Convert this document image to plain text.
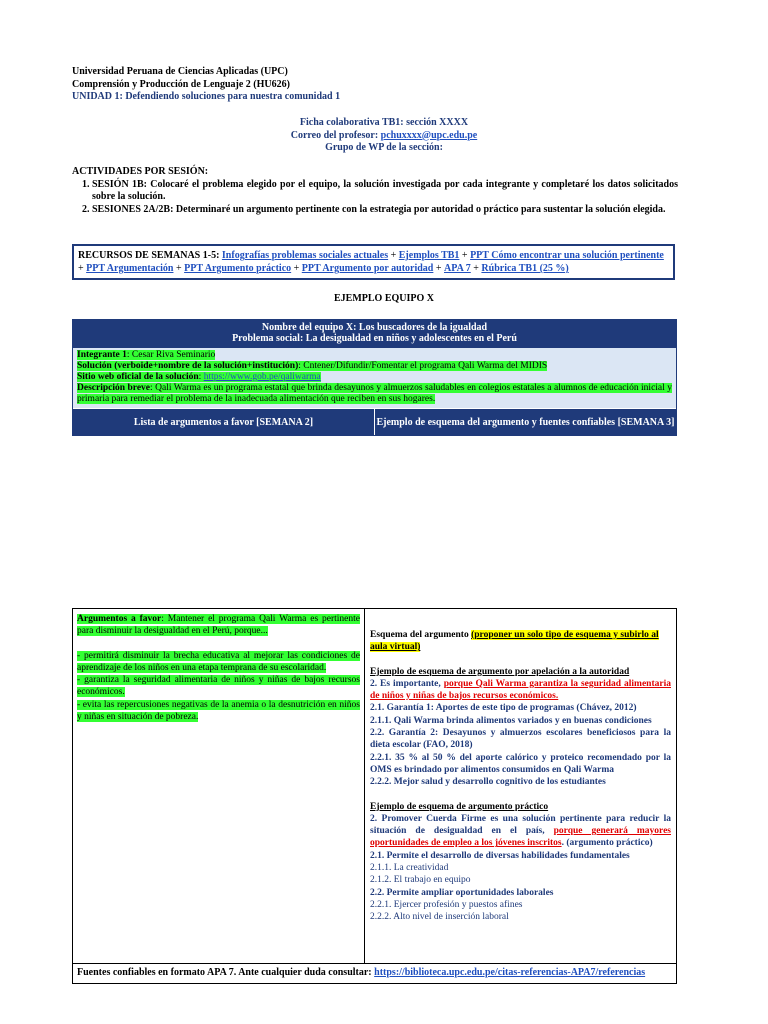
Universidad Peruana de Ciencias Aplicadas (UPC)
Comprensión y Producción de Lenguaje 2 (HU626)
UNIDAD 1: Defendiendo soluciones para nuestra comunidad 1
Ficha colaborativa TB1: sección XXXX
Correo del profesor: pchuxxxx@upc.edu.pe
Grupo de WP de la sección:
ACTIVIDADES POR SESIÓN:
1. SESIÓN 1B: Colocaré el problema elegido por el equipo, la solución investigada por cada integrante y completaré los datos solicitados sobre la solución.
2. SESIONES 2A/2B: Determinaré un argumento pertinente con la estrategia por autoridad o práctico para sustentar la solución elegida.
RECURSOS DE SEMANAS 1-5: Infografías problemas sociales actuales + Ejemplos TB1 + PPT Cómo encontrar una solución pertinente + PPT Argumentación + PPT Argumento práctico + PPT Argumento por autoridad + APA 7 + Rúbrica TB1 (25 %)
EJEMPLO EQUIPO X
Nombre del equipo X: Los buscadores de la igualdad
Problema social: La desigualdad en niños y adolescentes en el Perú

Integrante 1: Cesar Riva Seminario

Solución (verboide+nombre de la solución+institución): Cntener/Difundir/Fomentar el programa Qali Warma del MIDIS

Sitio web oficial de la solución: https://www.gob.pe/qaliwarma

Descripción breve: Qali Warma es un programa estatal que brinda desayunos y almuerzos saludables en colegios estatales a alumnos de educación inicial y primaria para remediar el problema de la inadecuada alimentación que reciben en sus hogares.

Lista de argumentos a favor [SEMANA 2]	Ejemplo de esquema del argumento y fuentes confiables [SEMANA 3]

Argumentos a favor: Mantener el programa Qali Warma es pertinente para disminuir la desigualdad en el Perú, porque...

- permitirá disminuir la brecha educativa al mejorar las condiciones de aprendizaje de los niños en una etapa temprana de su escolaridad.

- garantiza la seguridad alimentaria de niños y niñas de bajos recursos económicos.

- evita las repercusiones negativas de la anemia o la desnutrición en niños y niñas en situación de pobreza.

Esquema del argumento (proponer un solo tipo de esquema y subirlo al aula virtual)

Ejemplo de esquema de argumento por apelación a la autoridad

2. Es importante, porque Qali Warma garantiza la seguridad alimentaria de niños y niñas de bajos recursos económicos.

2.1. Garantía 1: Aportes de este tipo de programas (Chávez, 2012)

2.1.1. Qali Warma brinda alimentos variados y en buenas condiciones

2.2. Garantía 2: Desayunos y almuerzos escolares beneficiosos para la dieta escolar (FAO, 2018)

2.2.1. 35 % al 50 % del aporte calórico y proteico recomendado por la OMS es brindado por alimentos consumidos en Qali Warma

2.2.2. Mejor salud y desarrollo cognitivo de los estudiantes

Ejemplo de esquema de argumento práctico

2. Promover Cuerda Firme es una solución pertinente para reducir la situación de desigualdad en el país, porque generará mayores oportunidades de empleo a los jóvenes inscritos. (argumento práctico)

2.1. Permite el desarrollo de diversas habilidades fundamentales

2.1.1. La creatividad

2.1.2. El trabajo en equipo

2.2. Permite ampliar oportunidades laborales

2.2.1. Ejercer profesión y puestos afines

2.2.2. Alto nivel de inserción laboral

Fuentes confiables en formato APA 7. Ante cualquier duda consultar: https://biblioteca.upc.edu.pe/citas-referencias-APA7/referencias
